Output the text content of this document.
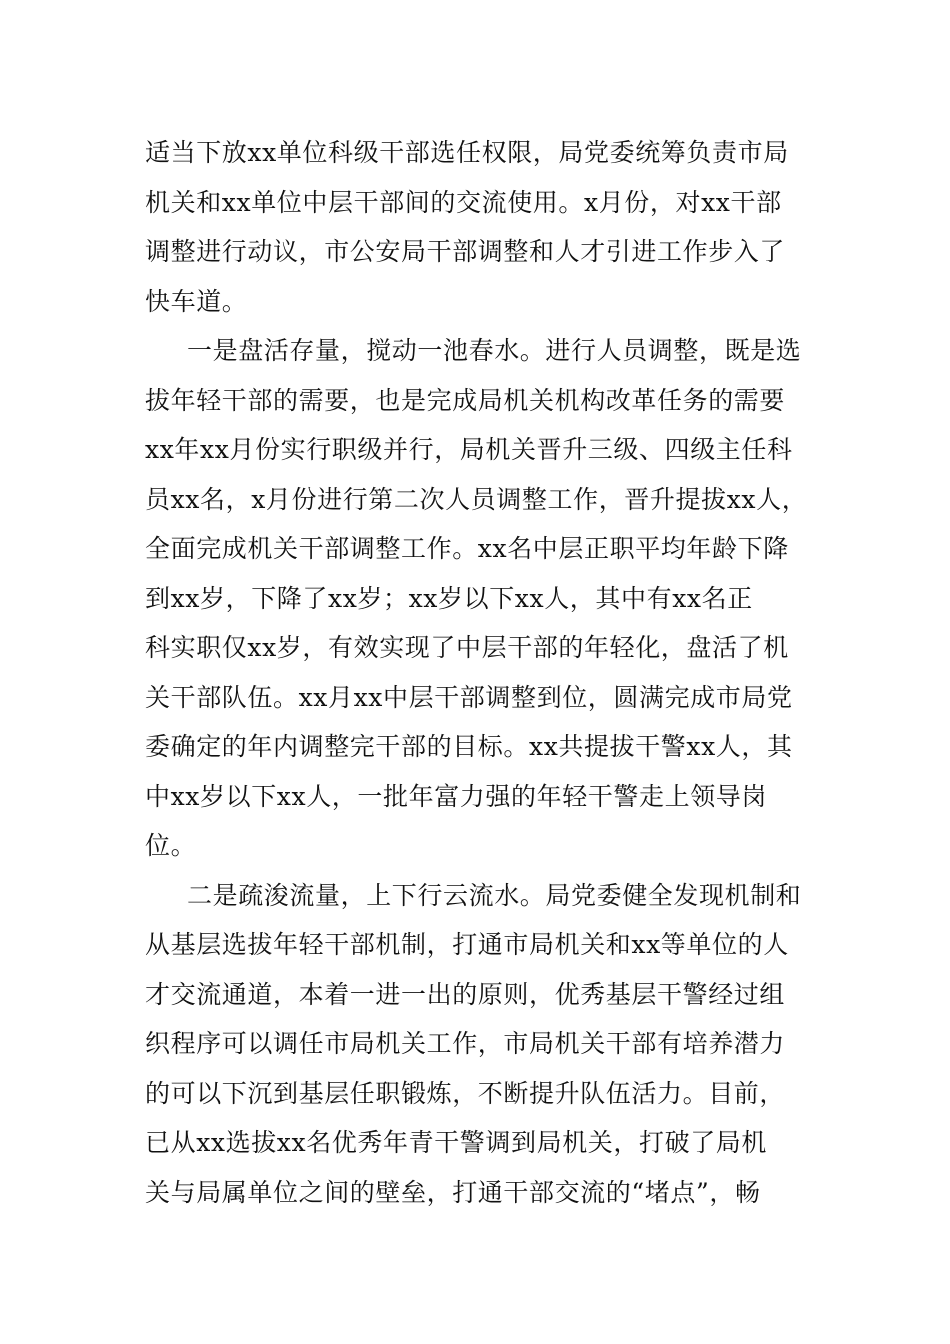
适当下放xx单位科级干部选任权限，局党委统筹负责市局
机关和xx单位中层干部间的交流使用。x月份，对xx干部
调整进行动议，市公安局干部调整和人才引进工作步入了
快车道。
一是盘活存量，搅动一池春水。进行人员调整，既是选
拔年轻干部的需要，也是完成局机关机构改革任务的需要
xx年xx月份实行职级并行，局机关晋升三级、四级主任科
员xx名，x月份进行第二次人员调整工作，晋升提拔xx人，
全面完成机关干部调整工作。xx名中层正职平均年龄下降
到xx岁，下降了xx岁；xx岁以下xx人，其中有xx名正
科实职仅xx岁，有效实现了中层干部的年轻化，盘活了机
关干部队伍。xx月xx中层干部调整到位，圆满完成市局党
委确定的年内调整完干部的目标。xx共提拔干警xx人，其
中xx岁以下xx人，一批年富力强的年轻干警走上领导岗
位。
二是疏浚流量，上下行云流水。局党委健全发现机制和
从基层选拔年轻干部机制，打通市局机关和xx等单位的人
才交流通道，本着一进一出的原则，优秀基层干警经过组
织程序可以调任市局机关工作，市局机关干部有培养潜力
的可以下沉到基层任职锻炼，不断提升队伍活力。目前，
已从xx选拔xx名优秀年青干警调到局机关，打破了局机
关与局属单位之间的壁垒，打通干部交流的“堵点”，畅
